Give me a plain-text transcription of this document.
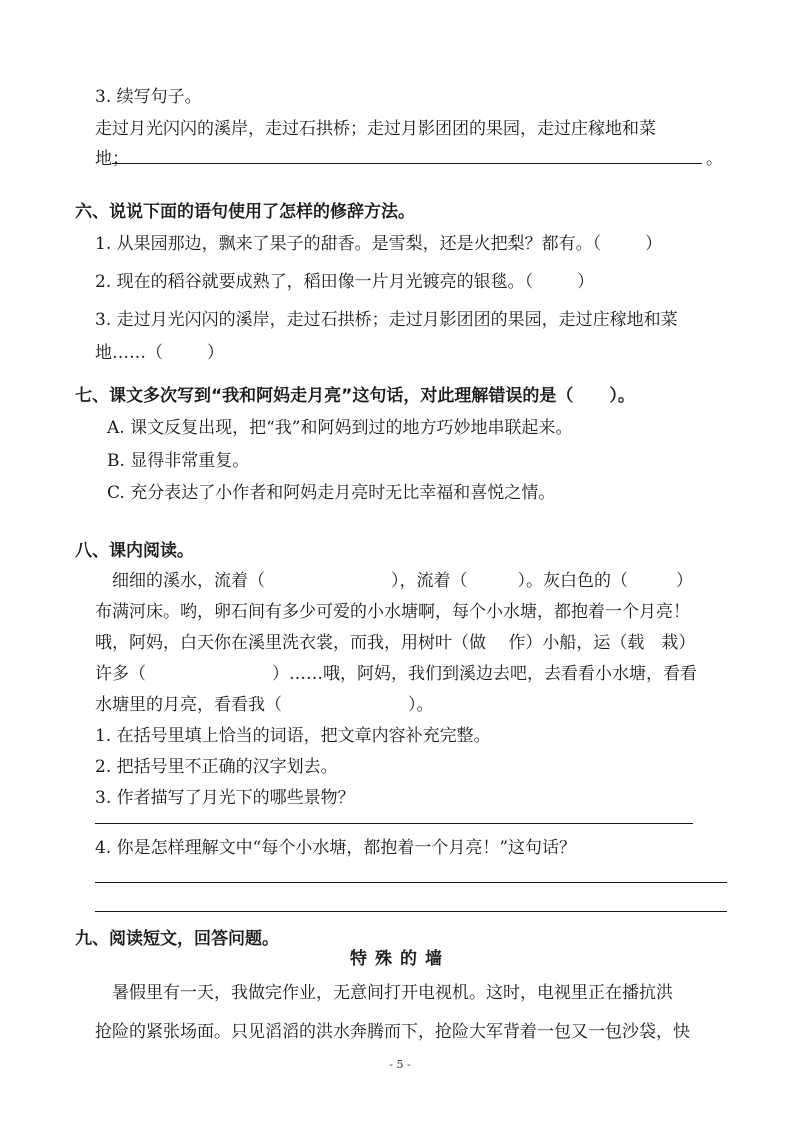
3. 续写句子。
走过月光闪闪的溪岸，走过石拱桥；走过月影团团的果园，走过庄稼地和菜
地；	。
六、说说下面的语句使用了怎样的修辞方法。
1. 从果园那边，飘来了果子的甜香。是雪梨，还是火把梨？都有。（	）
2. 现在的稻谷就要成熟了，稻田像一片月光镀亮的银毯。（	）
3. 走过月光闪闪的溪岸，走过石拱桥；走过月影团团的果园，走过庄稼地和菜
地……（	）
七、课文多次写到“我和阿妈走月亮”这句话，对此理解错误的是（ ）。
A. 课文反复出现，把“我”和阿妈到过的地方巧妙地串联起来。
B. 显得非常重复。
C. 充分表达了小作者和阿妈走月亮时无比幸福和喜悦之情。
八、课内阅读。
细细的溪水，流着（	），流着（	）。灰白色的（	）
布满河床。哟，卵石间有多少可爱的小水塘啊，每个小水塘，都抱着一个月亮！
哦，阿妈，白天你在溪里洗衣裳，而我，用树叶（做　 作）小船，运（载　栽）
许多（	）……哦，阿妈，我们到溪边去吧，去看看小水塘，看看
水塘里的月亮，看看我（	）。
1. 在括号里填上恰当的词语，把文章内容补充完整。
2. 把括号里不正确的汉字划去。
3. 作者描写了月光下的哪些景物？
4. 你是怎样理解文中“每个小水塘，都抱着一个月亮！”这句话？
九、阅读短文，回答问题。
特殊的墙
暑假里有一天，我做完作业，无意间打开电视机。这时，电视里正在播抗洪
抢险的紧张场面。只见滔滔的洪水奔腾而下，抢险大军背着一包又一包沙袋，快
- 5 -
